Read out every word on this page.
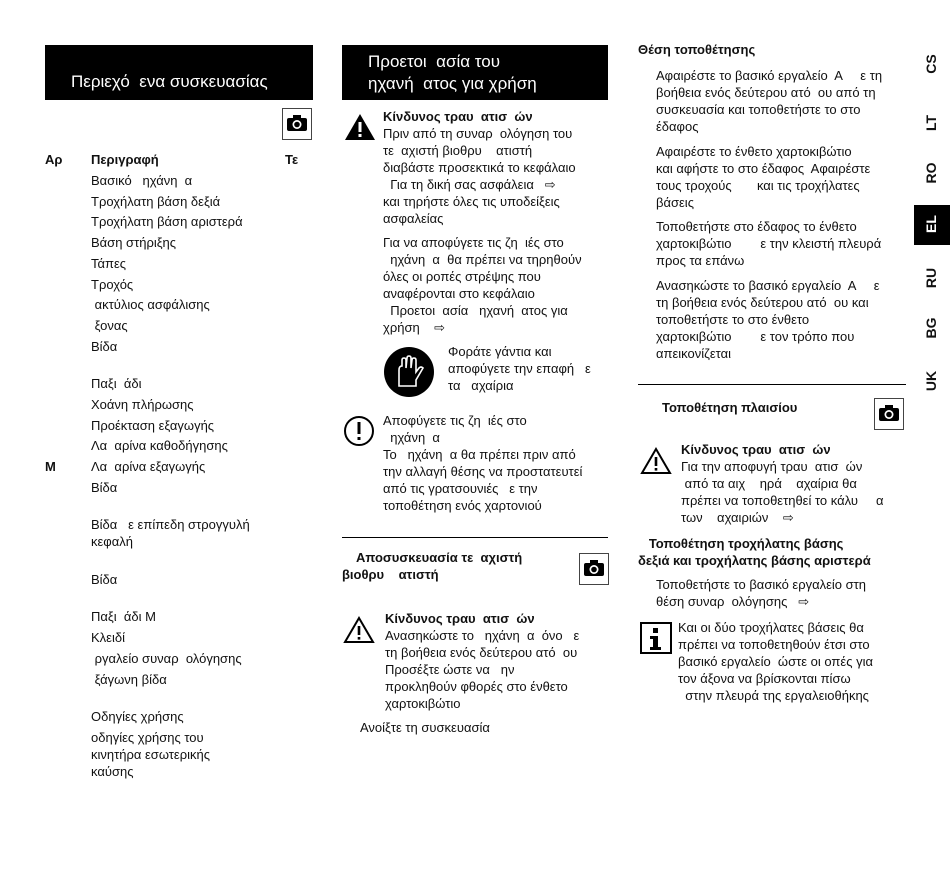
Περιεχό  ενα συσκευασίας
Αρ Περιγραφή	Τε
Βασικό   ηχάνη  α
Τροχήλατη βάση δεξιά
Τροχήλατη βάση αριστερά
Βάση στήριξης
Τάπες
Τροχός
ακτύλιος ασφάλισης
ξονας
Βίδα
Παξι  άδι
Χοάνη πλήρωσης
Προέκταση εξαγωγής
Λα  αρίνα καθοδήγησης
Μ	Λα  αρίνα εξαγωγής
Βίδα
Βίδα   ε επίπεδη στρογγυλή
κεφαλή
Βίδα
Παξι  άδι Μ
Κλειδί
ργαλείο συναρ  ολόγησης
ξάγωνη βίδα
Οδηγίες χρήσης
οδηγίες χρήσης του
κινητήρα εσωτερικής
καύσης
Προετοι  ασία του
ηχανή  ατος για χρήση
Κίνδυνος τραυ  ατισ  ών
Πριν από τη συναρ  ολόγηση του
τε  αχιστή βιοθρυ    ατιστή
διαβάστε προσεκτικά το κεφάλαιο
Για τη δική σας ασφάλεια   ⇨
και τηρήστε όλες τις υποδείξεις
ασφαλείας
Για να αποφύγετε τις ζη  ιές στο
ηχάνη  α  θα πρέπει να τηρηθούν
όλες οι ροπές στρέψης που
αναφέρονται στο κεφάλαιο
Προετοι  ασία   ηχανή  ατος για
χρήση    ⇨
Φοράτε γάντια και
αποφύγετε την επαφή   ε
τα   αχαίρια
Αποφύγετε τις ζη  ιές στο
ηχάνη  α
Το   ηχάνη  α θα πρέπει πριν από
την αλλαγή θέσης να προστατευτεί
από τις γρατσουνιές   ε την
τοποθέτηση ενός χαρτονιού
Αποσυσκευασία τε  αχιστή
βιοθρυ    ατιστή
Κίνδυνος τραυ  ατισ  ών
Ανασηκώστε το   ηχάνη  α  όνο   ε
τη βοήθεια ενός δεύτερου ατό  ου
Προσέξτε ώστε να   ην
προκληθούν φθορές στο ένθετο
χαρτοκιβώτιο
Ανοίξτε τη συσκευασία
Θέση τοποθέτησης
Αφαιρέστε το βασικό εργαλείο  Α     ε τη
βοήθεια ενός δεύτερου ατό  ου από τη
συσκευασία και τοποθετήστε το στο
έδαφος
Αφαιρέστε το ένθετο χαρτοκιβώτιο
και αφήστε το στο έδαφος  Αφαιρέστε
τους τροχούς       και τις τροχήλατες
βάσεις
Τοποθετήστε στο έδαφος το ένθετο
χαρτοκιβώτιο        ε την κλειστή πλευρά
προς τα επάνω
Ανασηκώστε το βασικό εργαλείο  Α     ε
τη βοήθεια ενός δεύτερου ατό  ου και
τοποθετήστε το στο ένθετο
χαρτοκιβώτιο        ε τον τρόπο που
απεικονίζεται
Τοποθέτηση πλαισίου
Κίνδυνος τραυ  ατισ  ών
Για την αποφυγή τραυ  ατισ  ών
από τα αιχ    ηρά    αχαίρια θα
πρέπει να τοποθετηθεί το κάλυ     α
των    αχαιριών    ⇨
Τοποθέτηση τροχήλατης βάσης
δεξιά και τροχήλατης βάσης αριστερά
Τοποθετήστε το βασικό εργαλείο στη
θέση συναρ  ολόγησης   ⇨
Και οι δύο τροχήλατες βάσεις θα
πρέπει να τοποθετηθούν έτσι στο
βασικό εργαλείο  ώστε οι οπές για
τον άξονα να βρίσκονται πίσω
στην πλευρά της εργαλειοθήκης
CS
LT
RO
EL
RU
BG
UK
